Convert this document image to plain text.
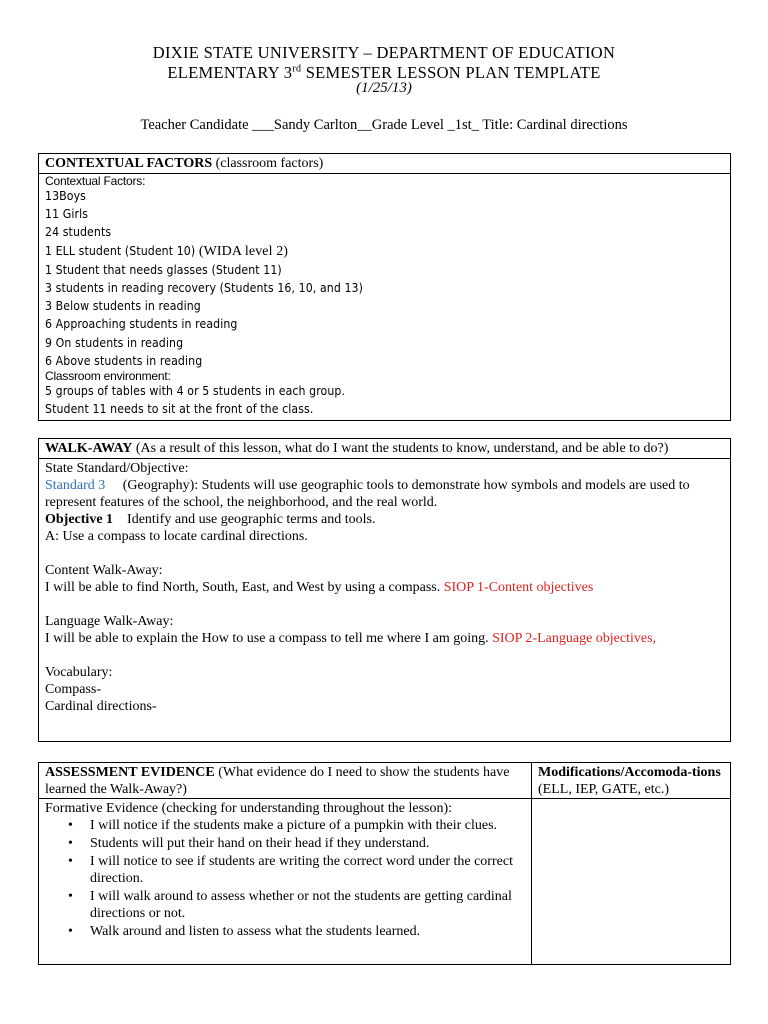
DIXIE STATE UNIVERSITY – DEPARTMENT OF EDUCATION
ELEMENTARY 3rd SEMESTER LESSON PLAN TEMPLATE
(1/25/13)
Teacher Candidate ___Sandy Carlton__Grade Level _1st_ Title: Cardinal directions
CONTEXTUAL FACTORS (classroom factors)
Contextual Factors:
13Boys
11 Girls
24 students
1 ELL student (Student 10) (WIDA level 2)
1 Student that needs glasses (Student 11)
3 students in reading recovery (Students 16, 10, and 13)
3 Below students in reading
6 Approaching students in reading
9 On students in reading
6 Above students in reading
Classroom environment:
5 groups of tables with 4 or 5 students in each group.
Student 11 needs to sit at the front of the class.
WALK-AWAY (As a result of this lesson, what do I want the students to know, understand, and be able to do?)
State Standard/Objective:
Standard 3     (Geography): Students will use geographic tools to demonstrate how symbols and models are used to represent features of the school, the neighborhood, and the real world.
Objective 1    Identify and use geographic terms and tools.
A: Use a compass to locate cardinal directions.
Content Walk-Away:
I will be able to find North, South, East, and West by using a compass. SIOP 1-Content objectives
Language Walk-Away:
I will be able to explain the How to use a compass to tell me where I am going. SIOP 2-Language objectives,
Vocabulary:
Compass-
Cardinal directions-
ASSESSMENT EVIDENCE (What evidence do I need to show the students have learned the Walk-Away?)
Formative Evidence (checking for understanding throughout the lesson):
• I will notice if the students make a picture of a pumpkin with their clues.
• Students will put their hand on their head if they understand.
• I will notice to see if students are writing the correct word under the correct direction.
• I will walk around to assess whether or not the students are getting cardinal directions or not.
• Walk around and listen to assess what the students learned.
Modifications/Accomoda-tions (ELL, IEP, GATE, etc.)
